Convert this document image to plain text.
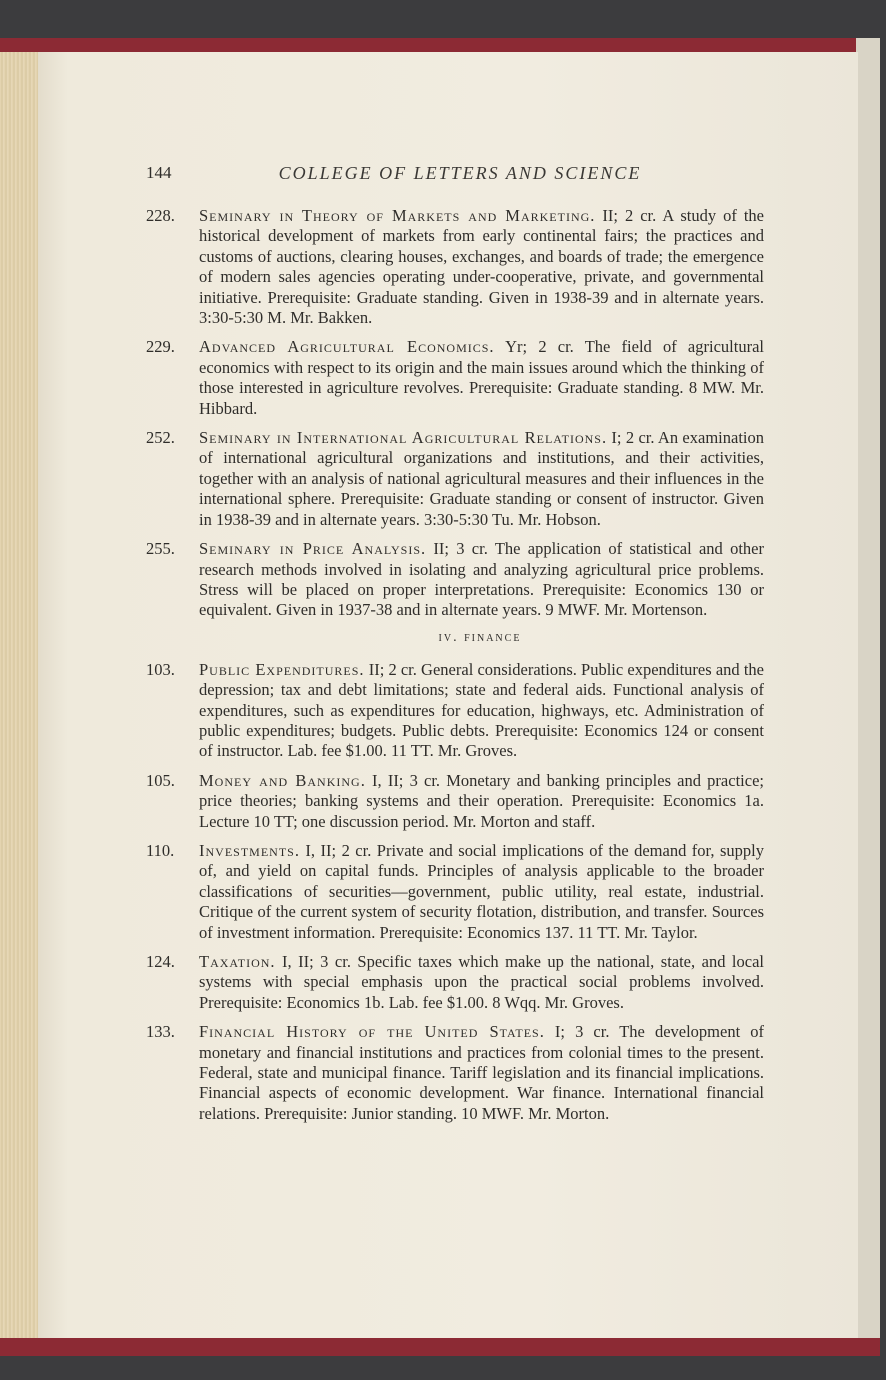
144	COLLEGE OF LETTERS AND SCIENCE
228. Seminary in Theory of Markets and Marketing. II; 2 cr. A study of the historical development of markets from early continental fairs; the practices and customs of auctions, clearing houses, exchanges, and boards of trade; the emergence of modern sales agencies operating under-cooperative, private, and governmental initiative. Prerequisite: Graduate standing. Given in 1938-39 and in alternate years. 3:30-5:30 M. Mr. Bakken.
229. Advanced Agricultural Economics. Yr; 2 cr. The field of agricultural economics with respect to its origin and the main issues around which the thinking of those interested in agriculture revolves. Prerequisite: Graduate standing. 8 MW. Mr. Hibbard.
252. Seminary in International Agricultural Relations. I; 2 cr. An examination of international agricultural organizations and institutions, and their activities, together with an analysis of national agricultural measures and their influences in the international sphere. Prerequisite: Graduate standing or consent of instructor. Given in 1938-39 and in alternate years. 3:30-5:30 Tu. Mr. Hobson.
255. Seminary in Price Analysis. II; 3 cr. The application of statistical and other research methods involved in isolating and analyzing agricultural price problems. Stress will be placed on proper interpretations. Prerequisite: Economics 130 or equivalent. Given in 1937-38 and in alternate years. 9 MWF. Mr. Mortenson.
iv. finance
103. Public Expenditures. II; 2 cr. General considerations. Public expenditures and the depression; tax and debt limitations; state and federal aids. Functional analysis of expenditures, such as expenditures for education, highways, etc. Administration of public expenditures; budgets. Public debts. Prerequisite: Economics 124 or consent of instructor. Lab. fee $1.00. 11 TT. Mr. Groves.
105. Money and Banking. I, II; 3 cr. Monetary and banking principles and practice; price theories; banking systems and their operation. Prerequisite: Economics 1a. Lecture 10 TT; one discussion period. Mr. Morton and staff.
110. Investments. I, II; 2 cr. Private and social implications of the demand for, supply of, and yield on capital funds. Principles of analysis applicable to the broader classifications of securities—government, public utility, real estate, industrial. Critique of the current system of security flotation, distribution, and transfer. Sources of investment information. Prerequisite: Economics 137. 11 TT. Mr. Taylor.
124. Taxation. I, II; 3 cr. Specific taxes which make up the national, state, and local systems with special emphasis upon the practical social problems involved. Prerequisite: Economics 1b. Lab. fee $1.00. 8 Wqq. Mr. Groves.
133. Financial History of the United States. I; 3 cr. The development of monetary and financial institutions and practices from colonial times to the present. Federal, state and municipal finance. Tariff legislation and its financial implications. Financial aspects of economic development. War finance. International financial relations. Prerequisite: Junior standing. 10 MWF. Mr. Morton.
